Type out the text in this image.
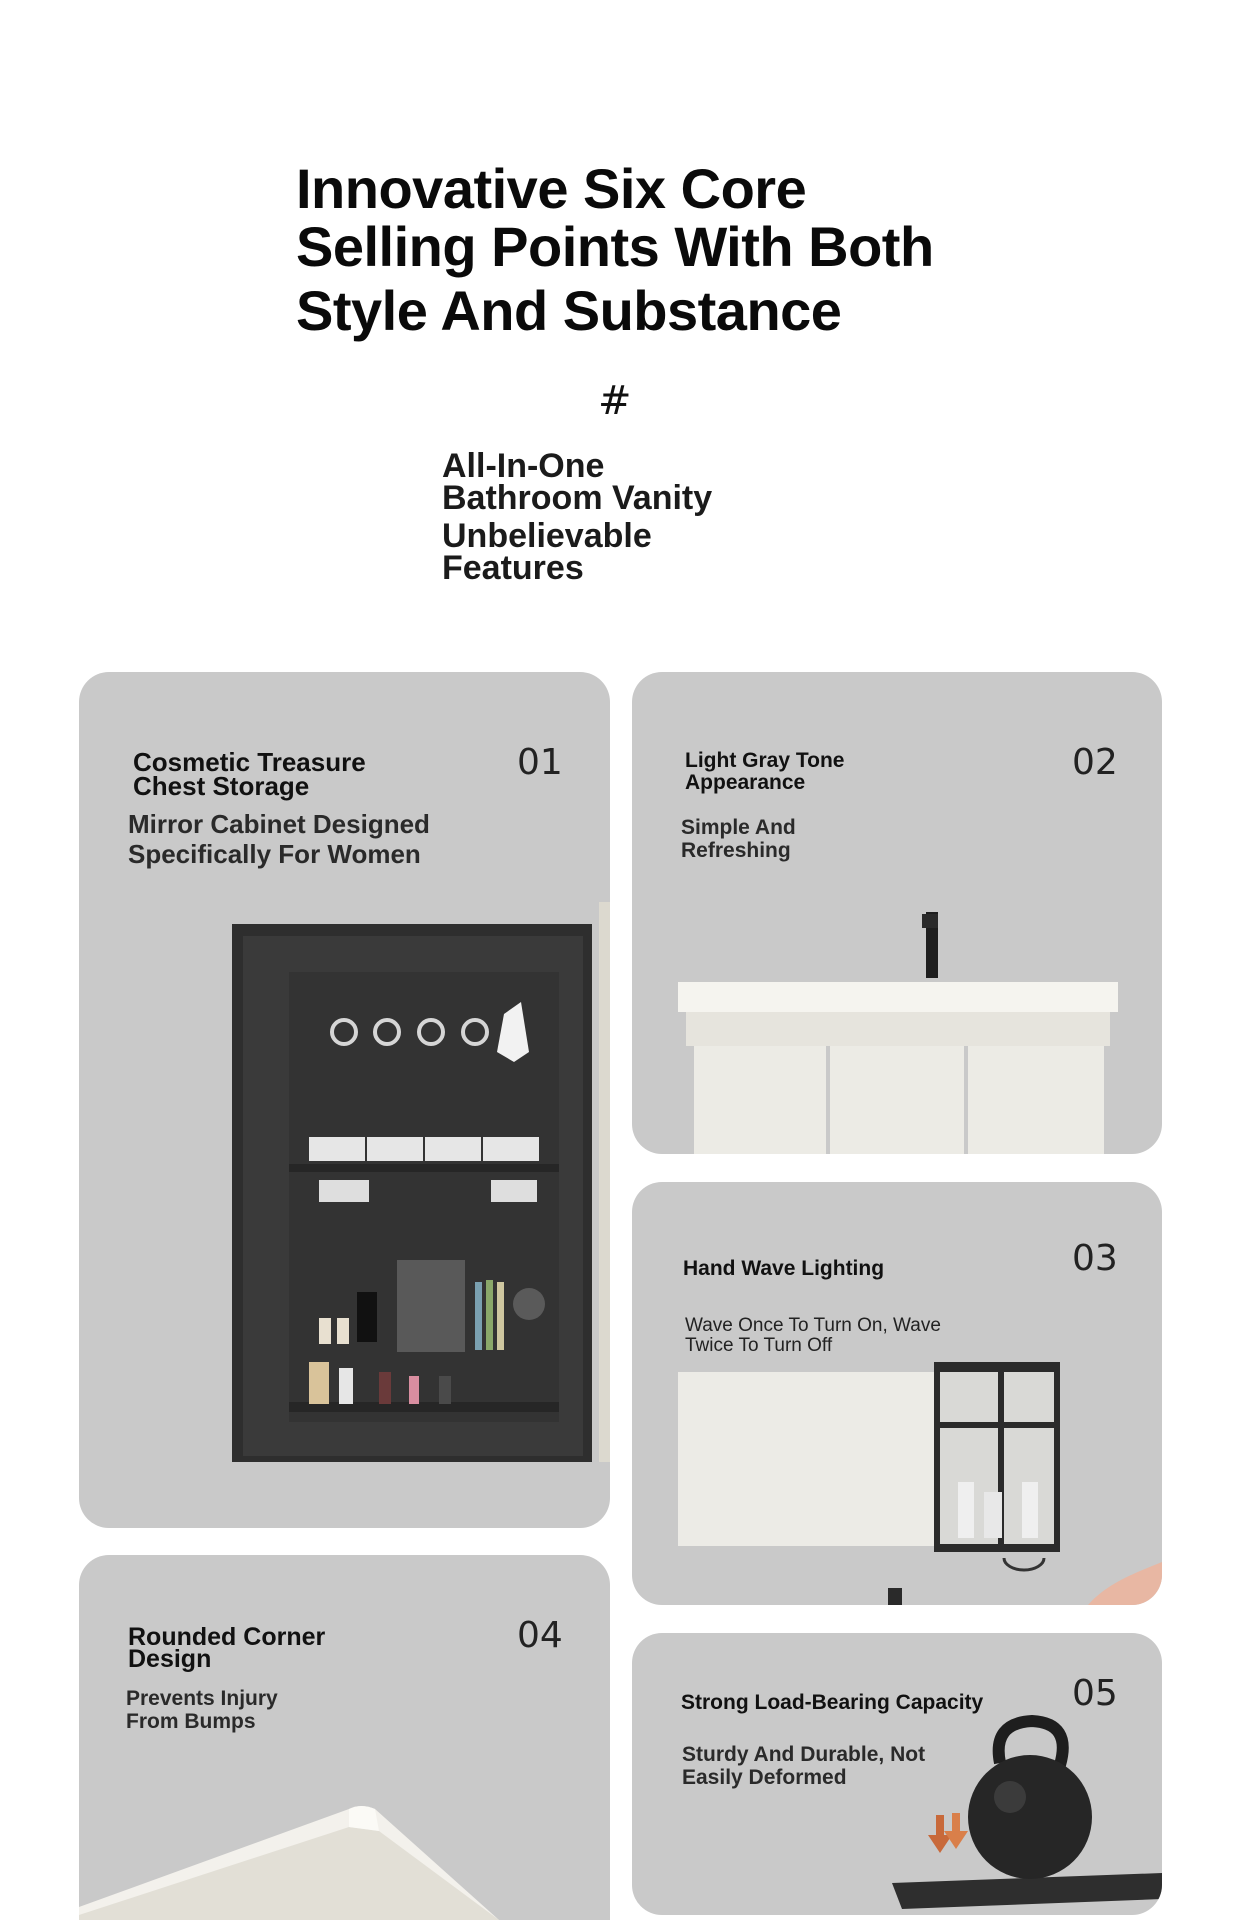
Innovative Six Core
Selling Points With Both
Style And Substance
#
All-In-One
Bathroom Vanity
Unbelievable
Features
Cosmetic Treasure
Chest Storage
Mirror Cabinet Designed
Specifically For Women
01	Light Gray Tone
Appearance
Simple And
Refreshing
02
Hand Wave Lighting
Wave Once To Turn On, Wave
Twice To Turn Off
03
Rounded Corner
Design
Prevents Injury
From Bumps
04
Strong Load-Bearing Capacity
Sturdy And Durable, Not
Easily Deformed
05
